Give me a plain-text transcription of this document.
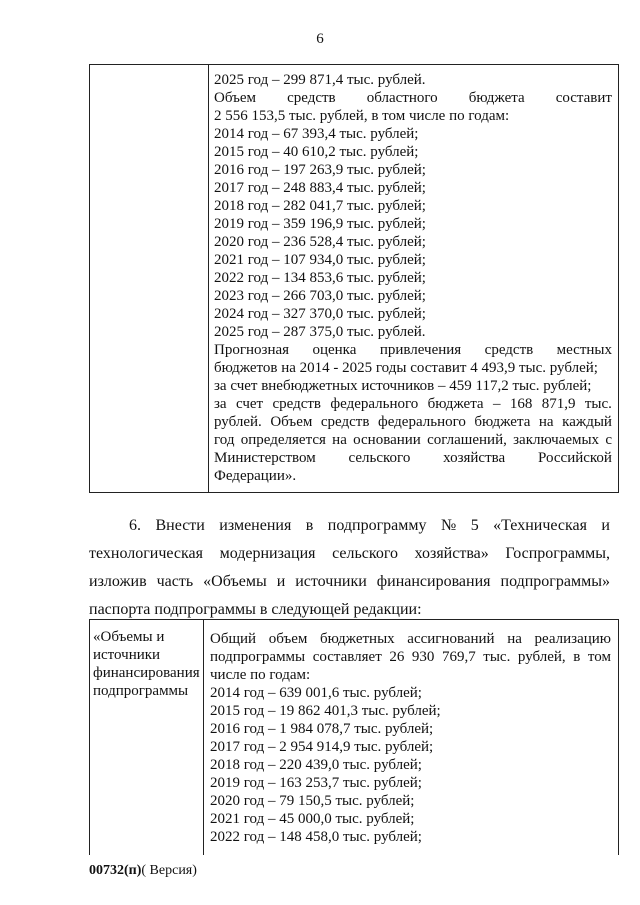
6
2025 год – 299 871,4 тыс. рублей.
Объем средств областного бюджета составит
2 556 153,5 тыс. рублей, в том числе по годам:
2014 год – 67 393,4 тыс. рублей;
2015 год – 40 610,2 тыс. рублей;
2016 год – 197 263,9 тыс. рублей;
2017 год – 248 883,4 тыс. рублей;
2018 год – 282 041,7 тыс. рублей;
2019 год – 359 196,9 тыс. рублей;
2020 год – 236 528,4 тыс. рублей;
2021 год – 107 934,0 тыс. рублей;
2022 год – 134 853,6 тыс. рублей;
2023 год – 266 703,0 тыс. рублей;
2024 год – 327 370,0 тыс. рублей;
2025 год – 287 375,0 тыс. рублей.
Прогнозная оценка привлечения средств местных
бюджетов на 2014 - 2025 годы составит 4 493,9 тыс. рублей;
за счет внебюджетных источников – 459 117,2 тыс. рублей;
за счет средств федерального бюджета – 168 871,9 тыс.
рублей. Объем средств федерального бюджета на каждый
год определяется на основании соглашений, заключаемых с
Министерством сельского хозяйства Российской
Федерации».
6. Внести изменения в подпрограмму № 5 «Техническая и
технологическая модернизация сельского хозяйства» Госпрограммы,
изложив часть «Объемы и источники финансирования подпрограммы»
паспорта подпрограммы в следующей редакции:
«Объемы и
источники
финансирования
подпрограммы
Общий объем бюджетных ассигнований на реализацию
подпрограммы составляет 26 930 769,7 тыс. рублей, в том
числе по годам:
2014 год – 639 001,6 тыс. рублей;
2015 год – 19 862 401,3 тыс. рублей;
2016 год – 1 984 078,7 тыс. рублей;
2017 год – 2 954 914,9 тыс. рублей;
2018 год – 220 439,0 тыс. рублей;
2019 год – 163 253,7 тыс. рублей;
2020 год – 79 150,5 тыс. рублей;
2021 год – 45 000,0 тыс. рублей;
2022 год – 148 458,0 тыс. рублей;
00732(п)( Версия)
